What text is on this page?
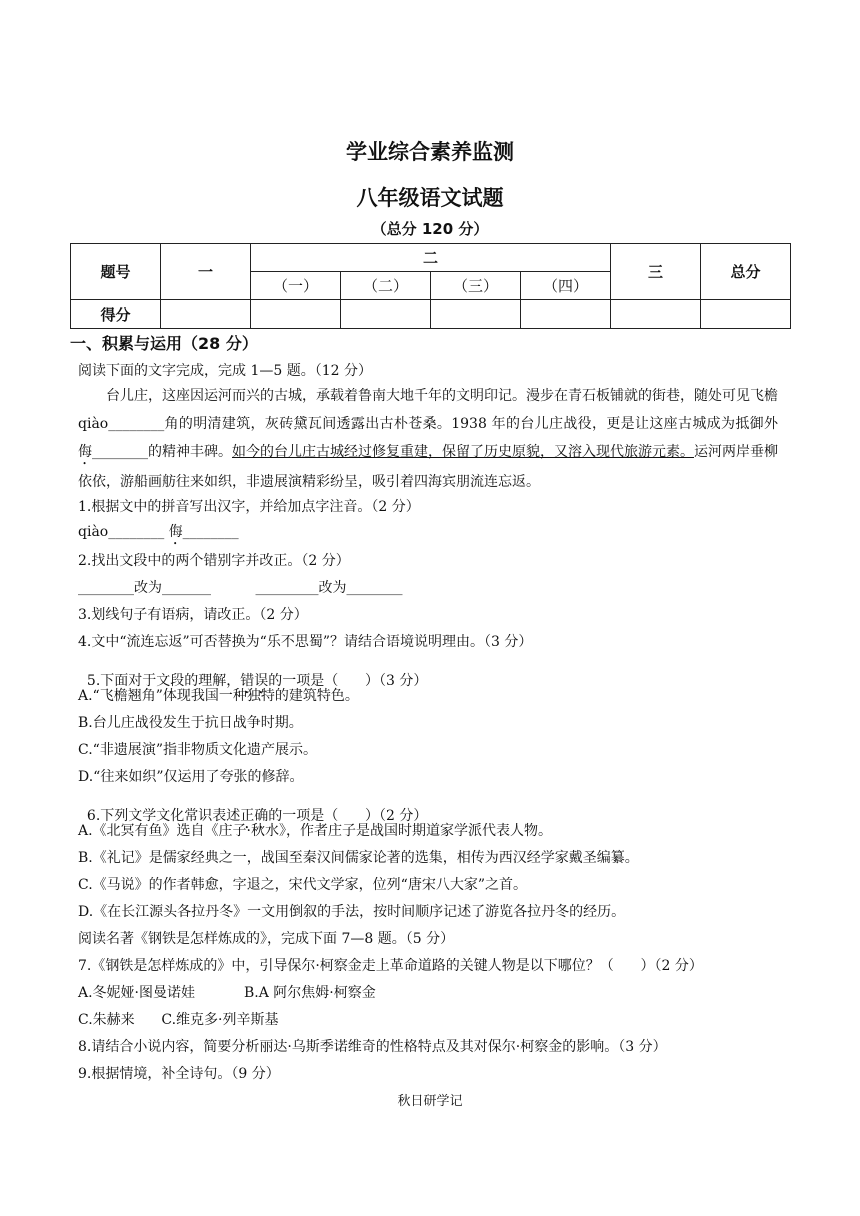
学业综合素养监测
八年级语文试题
（总分 120 分）
题号	一	二				三	总分
		（一）	（二）	（三）	（四）		
得分							
一、积累与运用（28 分）
阅读下面的文字完成，完成 1—5 题。（12 分）
台儿庄，这座因运河而兴的古城，承载着鲁南大地千年的文明印记。漫步在青石板铺就的街巷，随处可见飞檐 qiào________角的明清建筑，灰砖黛瓦间透露出古朴苍桑。1938 年的台儿庄战役，更是让这座古城成为抵御外侮________的精神丰碑。如今的台儿庄古城经过修复重建，保留了历史原貌，又溶入现代旅游元素。运河两岸垂柳依依，游船画舫往来如织，非遗展演精彩纷呈，吸引着四海宾朋流连忘返。
1.根据文中的拼音写出汉字，并给加点字注音。（2 分）
qiào________ 侮________
2.找出文段中的两个错别字并改正。（2 分）
________改为_______          _________改为________
3.划线句子有语病，请改正。（2 分）
4.文中“流连忘返”可否替换为“乐不思蜀”？请结合语境说明理由。（3 分）

5.下面对于文段的理解，错误的一项是（      ）（3 分）

A.“飞檐翘角”体现我国一种独特的建筑特色。
B.台儿庄战役发生于抗日战争时期。
C.“非遗展演”指非物质文化遗产展示。
D.“往来如织”仅运用了夸张的修辞。

6.下列文学文化常识表述正确的一项是（      ）（2 分）

A.《北冥有鱼》选自《庄子·秋水》，作者庄子是战国时期道家学派代表人物。
B.《礼记》是儒家经典之一，战国至秦汉间儒家论著的选集，相传为西汉经学家戴圣编纂。
C.《马说》的作者韩愈，字退之，宋代文学家，位列“唐宋八大家”之首。
D.《在长江源头各拉丹冬》一文用倒叙的手法，按时间顺序记述了游览各拉丹冬的经历。
阅读名著《钢铁是怎样炼成的》，完成下面 7—8 题。（5 分）
7.《钢铁是怎样炼成的》中，引导保尔·柯察金走上革命道路的关键人物是以下哪位？（      ）（2 分）
A.冬妮娅·图曼诺娃           B.A 阿尔焦姆·柯察金
C.朱赫来      C.维克多·列辛斯基
8.请结合小说内容，简要分析丽达·乌斯季诺维奇的性格特点及其对保尔·柯察金的影响。（3 分）
9.根据情境，补全诗句。（9 分）
秋日研学记
